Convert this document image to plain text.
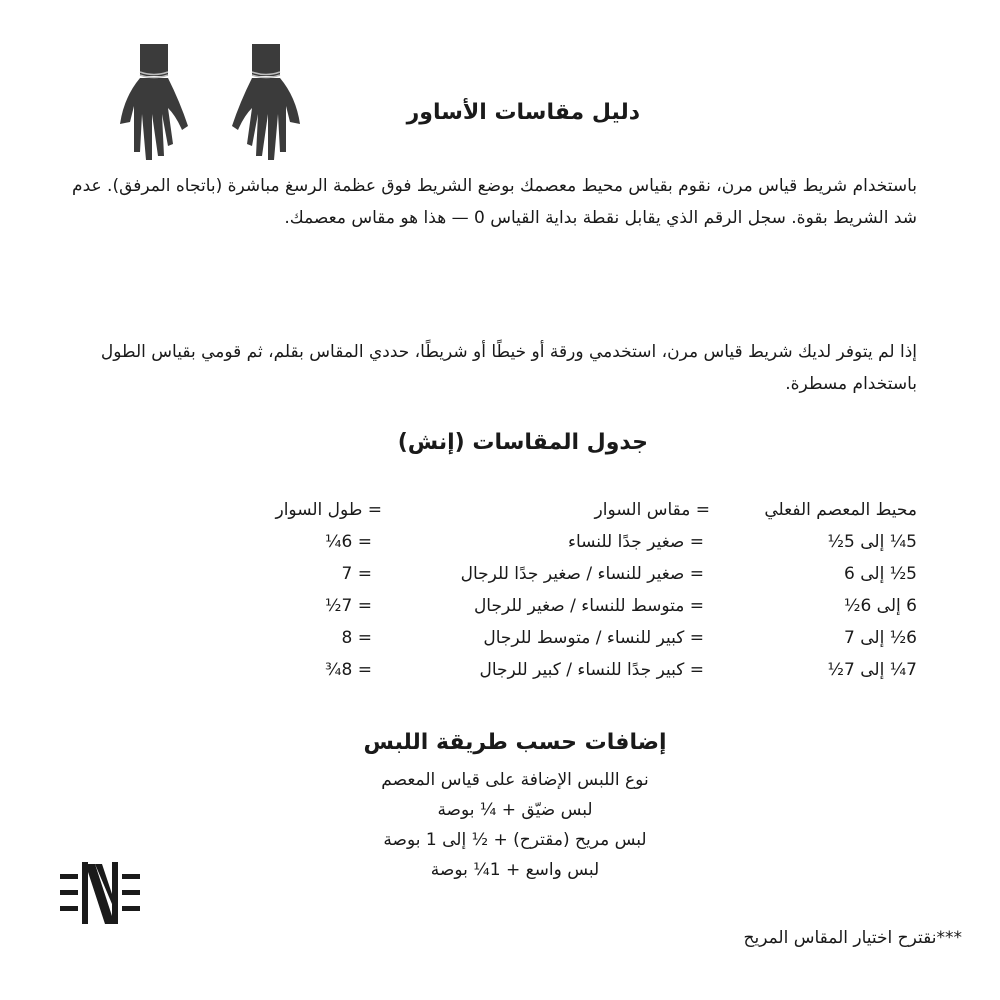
دليل مقاسات الأساور
باستخدام شريط قياس مرن، نقوم بقياس محيط معصمك بوضع الشريط فوق عظمة الرسغ مباشرة (باتجاه المرفق). عدم شد الشريط بقوة. سجل الرقم الذي يقابل نقطة بداية القياس 0 — هذا هو مقاس معصمك.
إذا لم يتوفر لديك شريط قياس مرن، استخدمي ورقة أو خيطًا أو شريطًا، حددي المقاس بقلم، ثم قومي بقياس الطول باستخدام مسطرة.
جدول المقاسات (إنش)
محيط المعصم الفعلي
= مقاس السوار
= طول السوار
5¼ إلى 5½
= صغير جدًا للنساء
= 6¼
5½ إلى 6
= صغير للنساء / صغير جدًا للرجال
= 7
6 إلى 6½
= متوسط للنساء / صغير للرجال
= 7½
6½ إلى 7
= كبير للنساء / متوسط للرجال
= 8
7¼ إلى 7½
= كبير جدًا للنساء / كبير للرجال
= 8¾
إضافات حسب طريقة اللبس
نوع اللبس الإضافة على قياس المعصم
لبس ضيّق + ¼ بوصة
لبس مريح (مقترح) + ½ إلى 1 بوصة
لبس واسع + 1¼ بوصة
***نقترح اختيار المقاس المريح
